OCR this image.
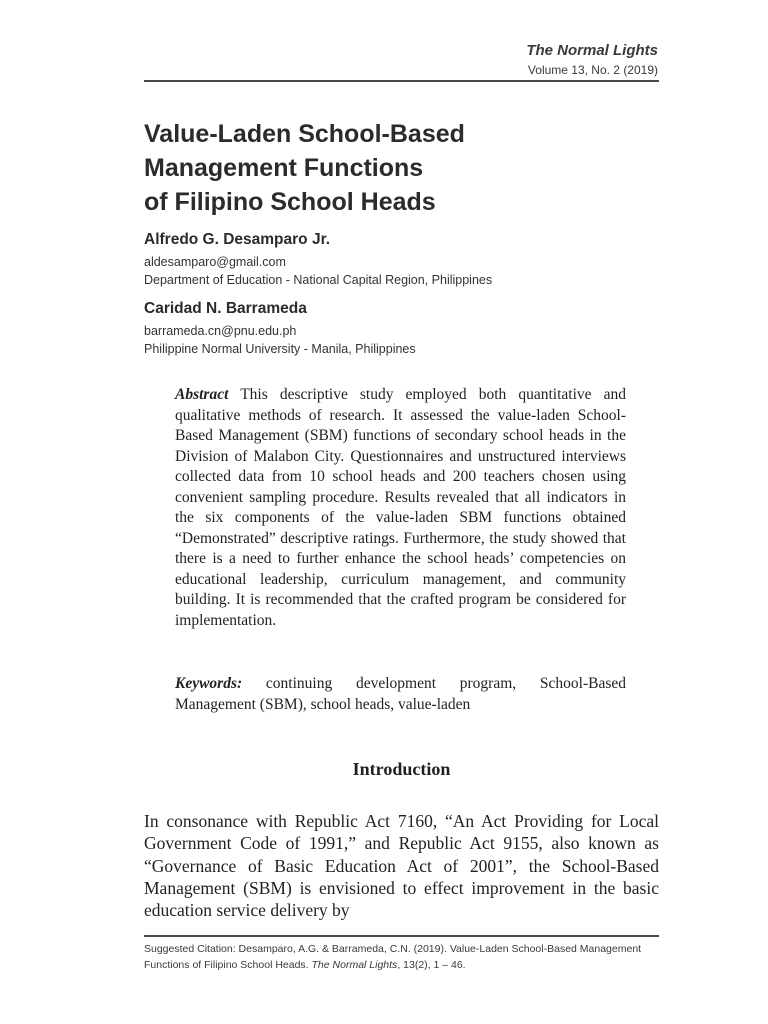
The Normal Lights
Volume 13, No. 2 (2019)
Value-Laden School-Based
Management Functions
of Filipino School Heads
Alfredo G. Desamparo Jr.
aldesamparo@gmail.com
Department of Education - National Capital Region, Philippines
Caridad N. Barrameda
barrameda.cn@pnu.edu.ph
Philippine Normal University - Manila, Philippines
Abstract This descriptive study employed both quantitative and qualitative methods of research. It assessed the value-laden School-Based Management (SBM) functions of secondary school heads in the Division of Malabon City. Questionnaires and unstructured interviews collected data from 10 school heads and 200 teachers chosen using convenient sampling procedure. Results revealed that all indicators in the six components of the value-laden SBM functions obtained “Demonstrated” descriptive ratings. Furthermore, the study showed that there is a need to further enhance the school heads’ competencies on educational leadership, curriculum management, and community building. It is recommended that the crafted program be considered for implementation.
Keywords: continuing development program, School-Based Management (SBM), school heads, value-laden
Introduction
In consonance with Republic Act 7160, “An Act Providing for Local Government Code of 1991,” and Republic Act 9155, also known as “Governance of Basic Education Act of 2001”, the School-Based Management (SBM) is envisioned to effect improvement in the basic education service delivery by
Suggested Citation: Desamparo, A.G. & Barrameda, C.N. (2019). Value-Laden School-Based Management Functions of Filipino School Heads. The Normal Lights, 13(2), 1 – 46.
